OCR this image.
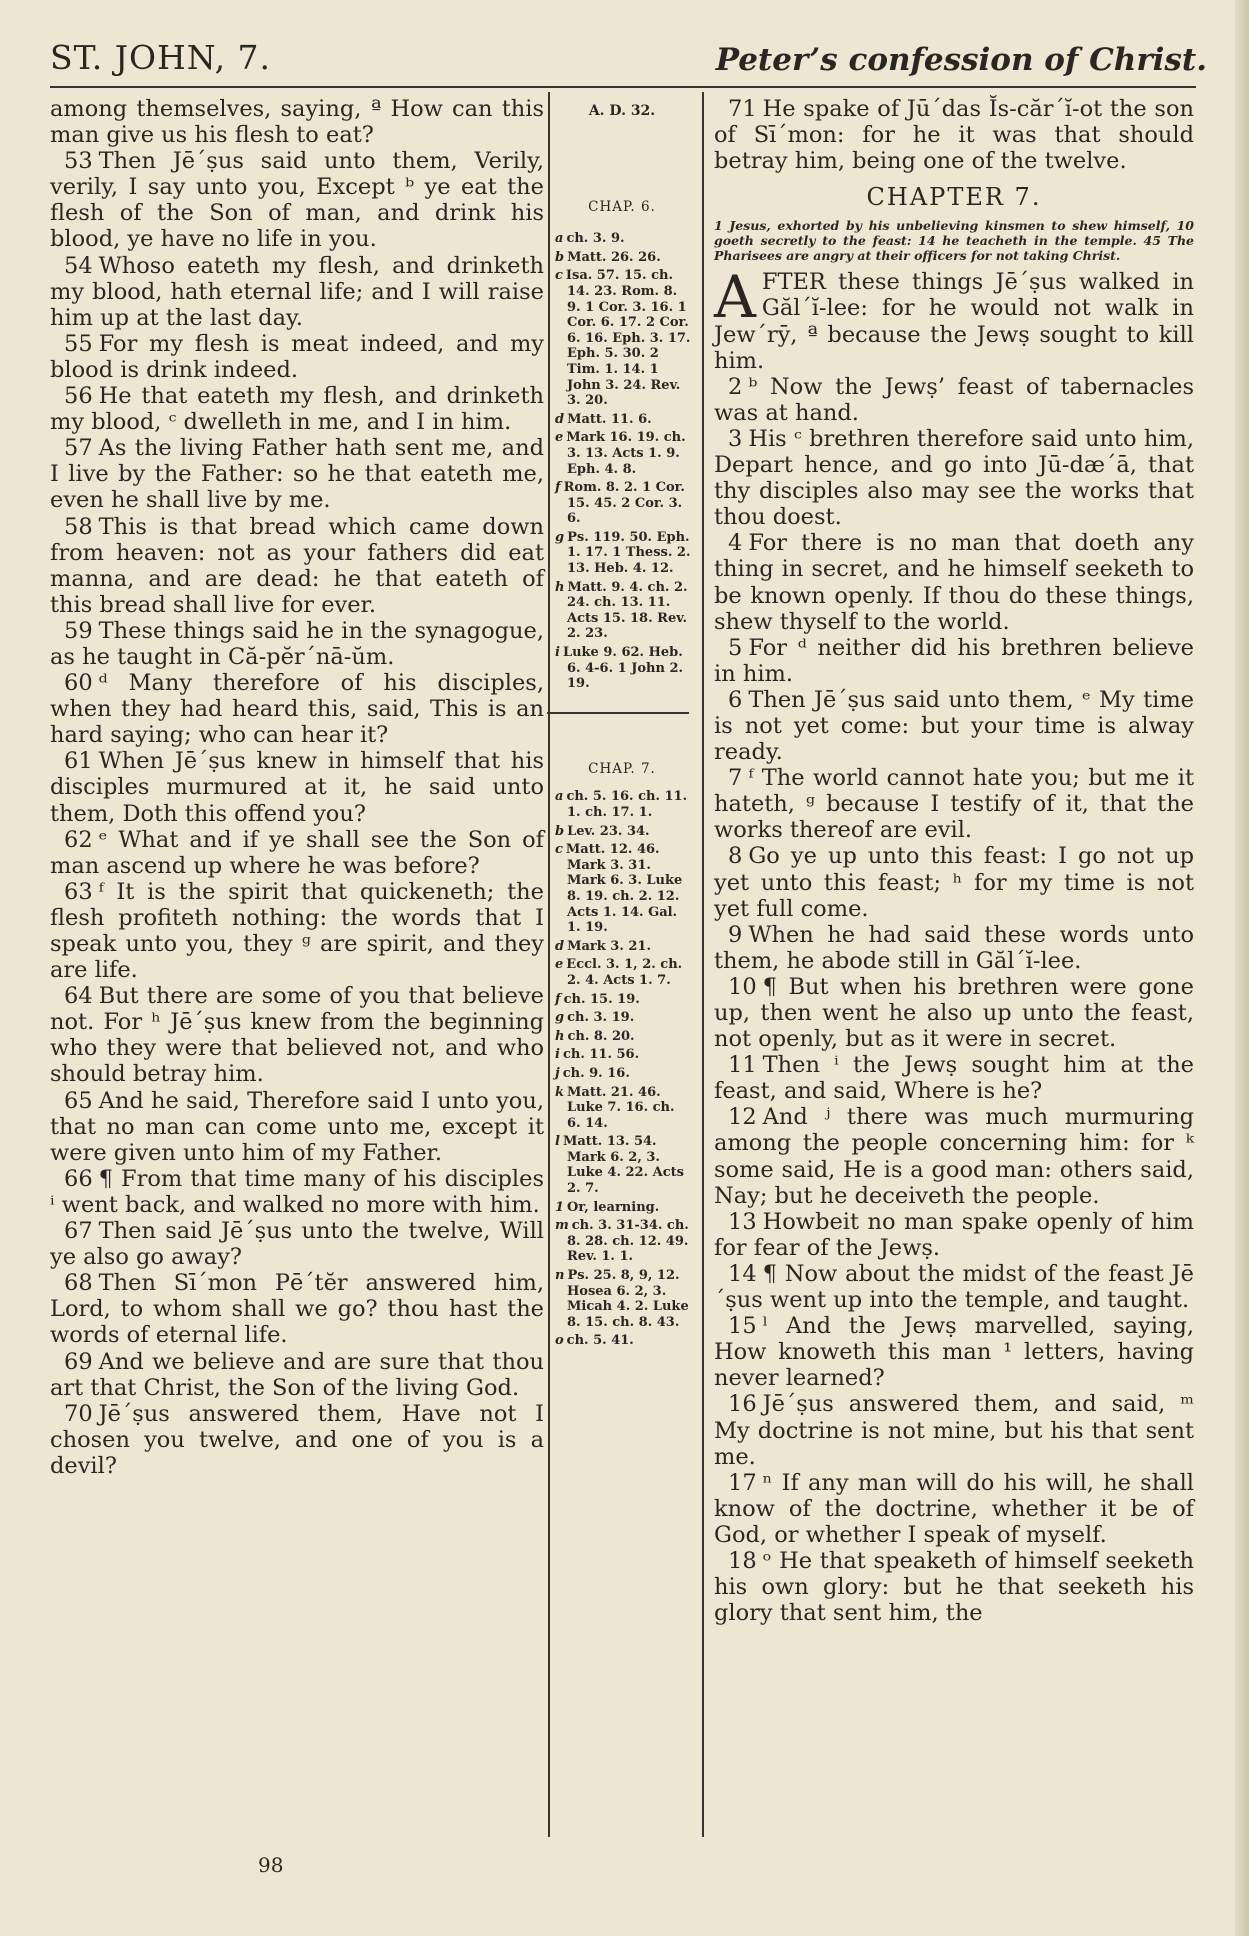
ST. JOHN, 7.	Peter’s confession of Christ.

among themselves, saying, ª How can this man give us his flesh to eat?

53 Then Jē´ṣus said unto them, Verily, verily, I say unto you, Except ᵇ ye eat the flesh of the Son of man, and drink his blood, ye have no life in you.

54 Whoso eateth my flesh, and drinketh my blood, hath eternal life; and I will raise him up at the last day.

55 For my flesh is meat indeed, and my blood is drink indeed.

56 He that eateth my flesh, and drinketh my blood, ᶜ dwelleth in me, and I in him.

57 As the living Father hath sent me, and I live by the Father: so he that eateth me, even he shall live by me.

58 This is that bread which came down from heaven: not as your fathers did eat manna, and are dead: he that eateth of this bread shall live for ever.

59 These things said he in the synagogue, as he taught in Că-pĕr´nā-ŭm.

60 ᵈ Many therefore of his disciples, when they had heard this, said, This is an hard saying; who can hear it?

61 When Jē´ṣus knew in himself that his disciples murmured at it, he said unto them, Doth this offend you?

62 ᵉ What and if ye shall see the Son of man ascend up where he was before?

63 ᶠ It is the spirit that quickeneth; the flesh profiteth nothing: the words that I speak unto you, they ᵍ are spirit, and they are life.

64 But there are some of you that believe not. For ʰ Jē´ṣus knew from the beginning who they were that believed not, and who should betray him.

65 And he said, Therefore said I unto you, that no man can come unto me, except it were given unto him of my Father.

66 ¶ From that time many of his disciples ⁱ went back, and walked no more with him.

67 Then said Jē´ṣus unto the twelve, Will ye also go away?

68 Then Sī´mon Pē´tĕr answered him, Lord, to whom shall we go? thou hast the words of eternal life.

69 And we believe and are sure that thou art that Christ, the Son of the living God.

70 Jē´ṣus answered them, Have not I chosen you twelve, and one of you is a devil?

A. D. 32.
CHAP. 6.
a ch. 3. 9.
b Matt. 26. 26.
c Isa. 57. 15. ch. 14. 23. Rom. 8. 9. 1 Cor. 3. 16. 1 Cor. 6. 17. 2 Cor. 6. 16. Eph. 3. 17. Eph. 5. 30. 2 Tim. 1. 14. 1 John 3. 24. Rev. 3. 20.
d Matt. 11. 6.
e Mark 16. 19. ch. 3. 13. Acts 1. 9. Eph. 4. 8.
f Rom. 8. 2. 1 Cor. 15. 45. 2 Cor. 3. 6.
g Ps. 119. 50. Eph. 1. 17. 1 Thess. 2. 13. Heb. 4. 12.
h Matt. 9. 4. ch. 2. 24. ch. 13. 11. Acts 15. 18. Rev. 2. 23.
i Luke 9. 62. Heb. 6. 4-6. 1 John 2. 19.
CHAP. 7.
a ch. 5. 16. ch. 11. 1. ch. 17. 1.
b Lev. 23. 34.
c Matt. 12. 46. Mark 3. 31. Mark 6. 3. Luke 8. 19. ch. 2. 12. Acts 1. 14. Gal. 1. 19.
d Mark 3. 21.
e Eccl. 3. 1, 2. ch. 2. 4. Acts 1. 7.
f ch. 15. 19.
g ch. 3. 19.
h ch. 8. 20.
i ch. 11. 56.
j ch. 9. 16.
k Matt. 21. 46. Luke 7. 16. ch. 6. 14.
l Matt. 13. 54. Mark 6. 2, 3. Luke 4. 22. Acts 2. 7.
1 Or, learning.
m ch. 3. 31-34. ch. 8. 28. ch. 12. 49. Rev. 1. 1.
n Ps. 25. 8, 9, 12. Hosea 6. 2, 3. Micah 4. 2. Luke 8. 15. ch. 8. 43.
o ch. 5. 41.

71 He spake of Jū´das Ĭs-căr´ĭ-ot the son of Sī´mon: for he it was that should betray him, being one of the twelve.

CHAPTER 7.
1 Jesus, exhorted by his unbelieving kinsmen to shew himself, 10 goeth secretly to the feast: 14 he teacheth in the temple. 45 The Pharisees are angry at their officers for not taking Christ.

AFTER these things Jē´ṣus walked in Găl´ĭ-lee: for he would not walk in Jew´rȳ, ª because the Jewṣ sought to kill him.

2 ᵇ Now the Jewṣ’ feast of tabernacles was at hand.

3 His ᶜ brethren therefore said unto him, Depart hence, and go into Jū-dæ´ā, that thy disciples also may see the works that thou doest.

4 For there is no man that doeth any thing in secret, and he himself seeketh to be known openly. If thou do these things, shew thyself to the world.

5 For ᵈ neither did his brethren believe in him.

6 Then Jē´ṣus said unto them, ᵉ My time is not yet come: but your time is alway ready.

7 ᶠ The world cannot hate you; but me it hateth, ᵍ because I testify of it, that the works thereof are evil.

8 Go ye up unto this feast: I go not up yet unto this feast; ʰ for my time is not yet full come.

9 When he had said these words unto them, he abode still in Găl´ĭ-lee.

10 ¶ But when his brethren were gone up, then went he also up unto the feast, not openly, but as it were in secret.

11 Then ⁱ the Jewṣ sought him at the feast, and said, Where is he?

12 And ʲ there was much murmuring among the people concerning him: for ᵏ some said, He is a good man: others said, Nay; but he deceiveth the people.

13 Howbeit no man spake openly of him for fear of the Jewṣ.

14 ¶ Now about the midst of the feast Jē´ṣus went up into the temple, and taught.

15 ˡ And the Jewṣ marvelled, saying, How knoweth this man ¹ letters, having never learned?

16 Jē´ṣus answered them, and said, ᵐ My doctrine is not mine, but his that sent me.

17 ⁿ If any man will do his will, he shall know of the doctrine, whether it be of God, or whether I speak of myself.

18 ᵒ He that speaketh of himself seeketh his own glory: but he that seeketh his glory that sent him, the

98
